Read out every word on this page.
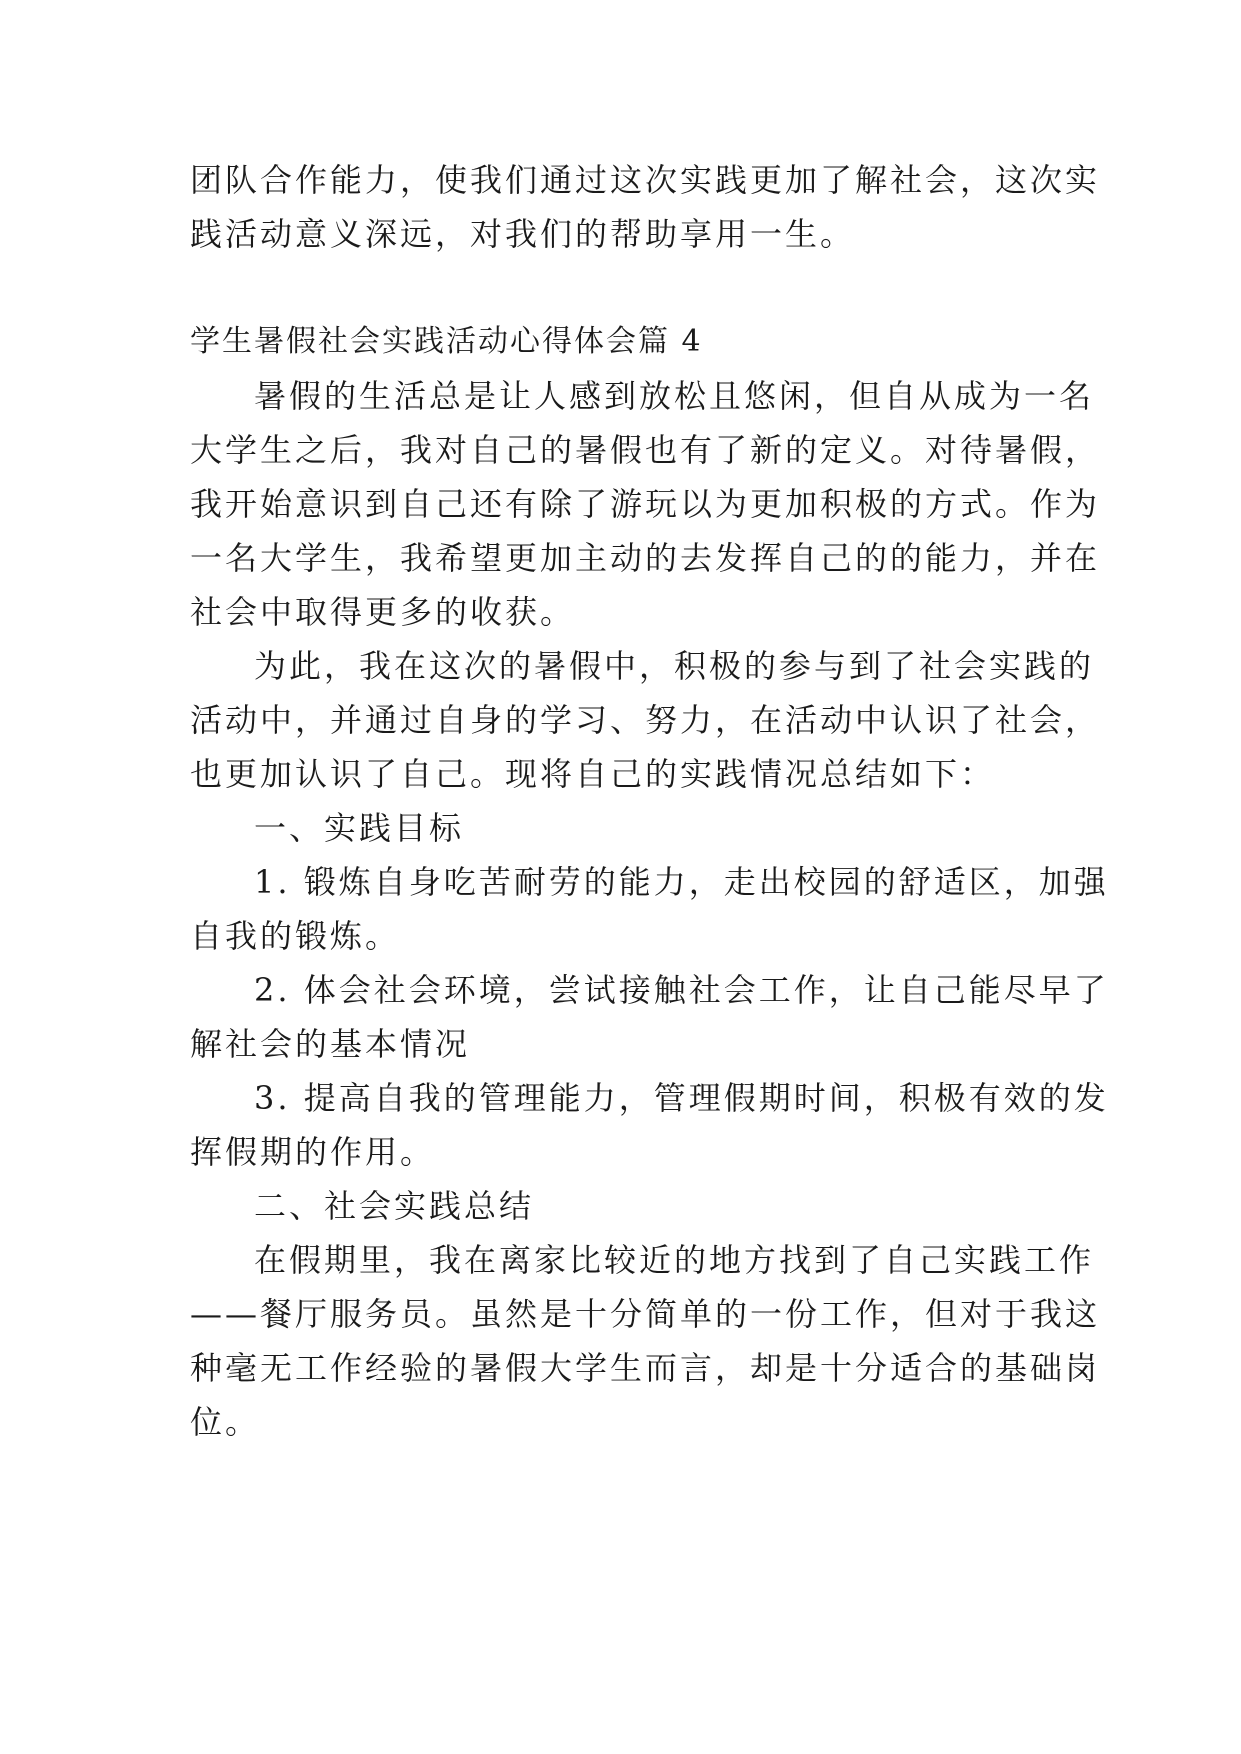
团队合作能力，使我们通过这次实践更加了解社会，这次实

践活动意义深远，对我们的帮助享用一生。

学生暑假社会实践活动心得体会篇 4

暑假的生活总是让人感到放松且悠闲，但自从成为一名

大学生之后，我对自己的暑假也有了新的定义。对待暑假，

我开始意识到自己还有除了游玩以为更加积极的方式。作为

一名大学生，我希望更加主动的去发挥自己的的能力，并在

社会中取得更多的收获。

为此，我在这次的暑假中，积极的参与到了社会实践的

活动中，并通过自身的学习、努力，在活动中认识了社会，

也更加认识了自己。现将自己的实践情况总结如下：

一、实践目标

1. 锻炼自身吃苦耐劳的能力，走出校园的舒适区，加强

自我的锻炼。

2. 体会社会环境，尝试接触社会工作，让自己能尽早了

解社会的基本情况

3. 提高自我的管理能力，管理假期时间，积极有效的发

挥假期的作用。

二、社会实践总结

在假期里，我在离家比较近的地方找到了自己实践工作

——餐厅服务员。虽然是十分简单的一份工作，但对于我这

种毫无工作经验的暑假大学生而言，却是十分适合的基础岗

位。
